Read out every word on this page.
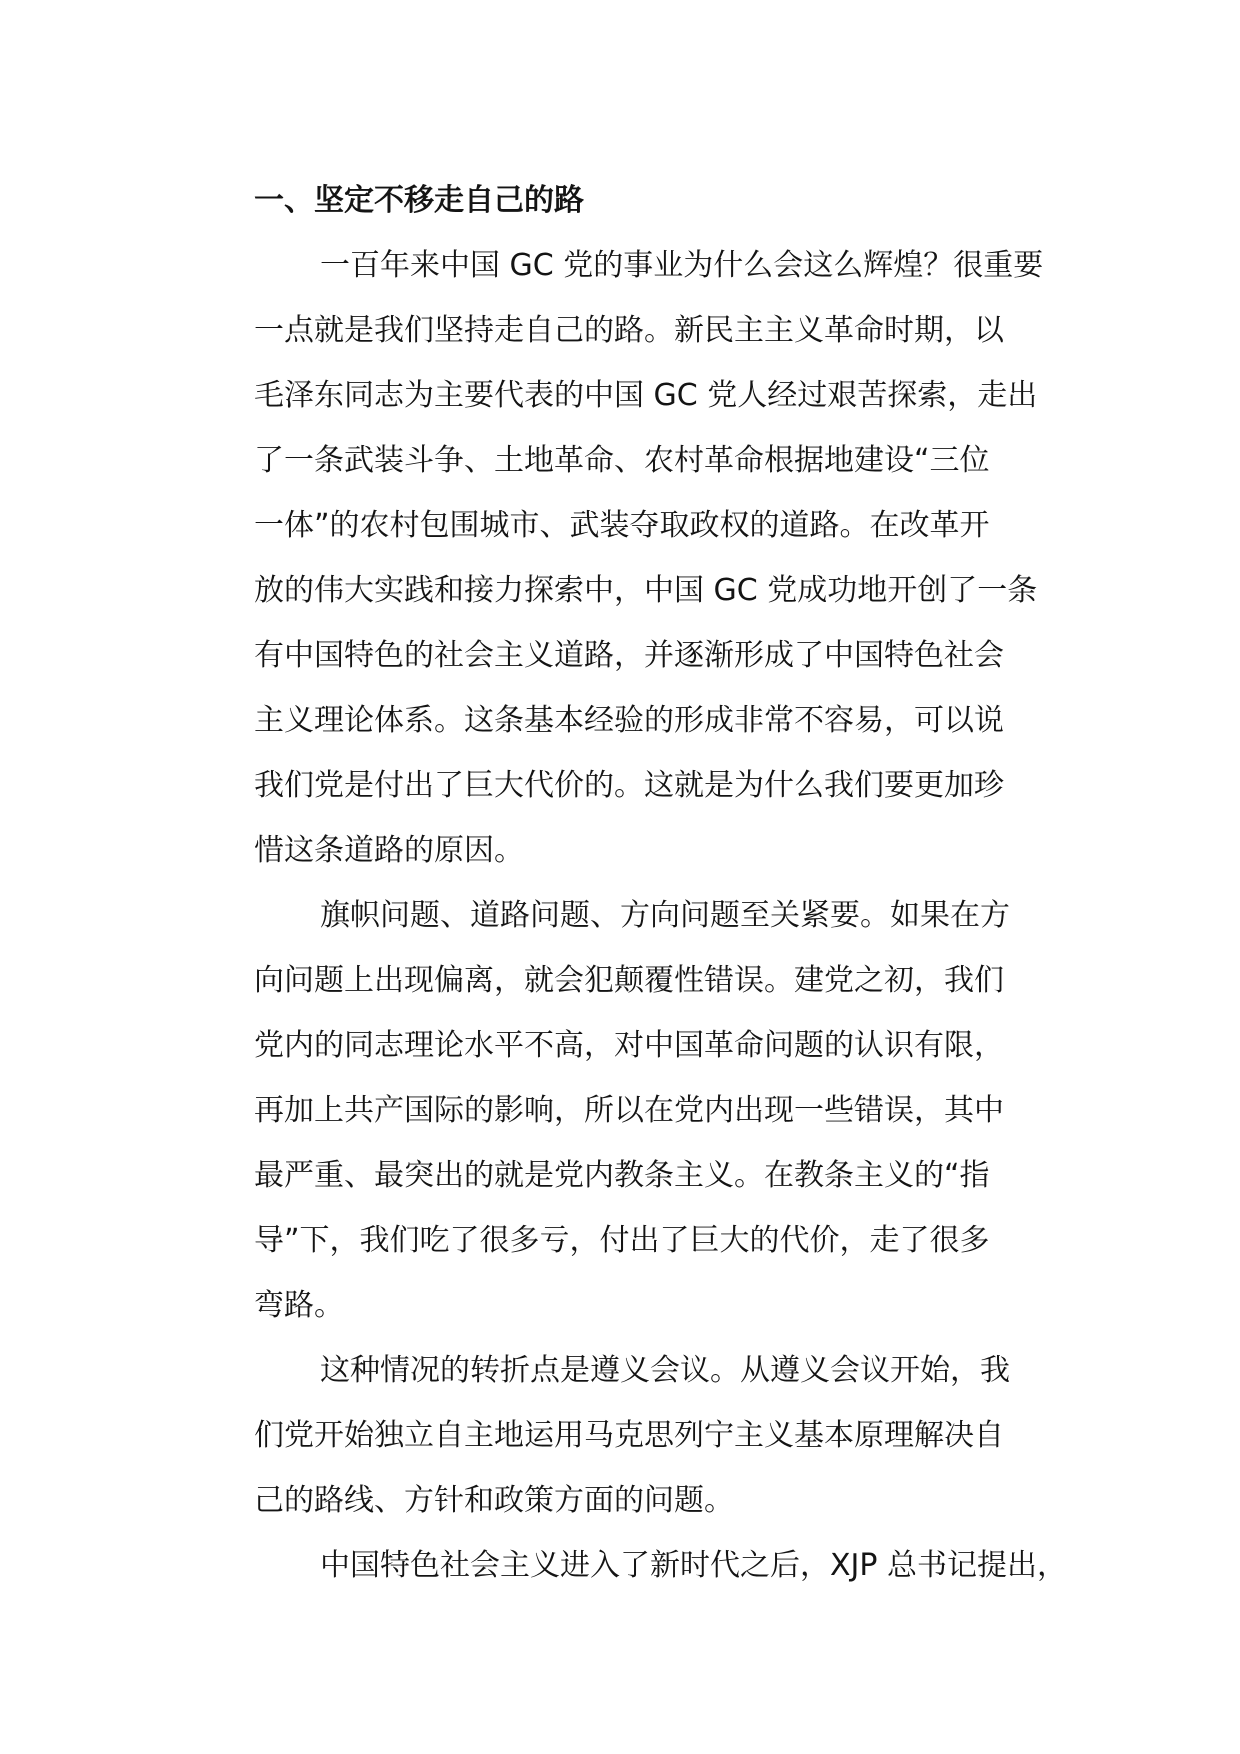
一、坚定不移走自己的路
一百年来中国 GC 党的事业为什么会这么辉煌？很重要
一点就是我们坚持走自己的路。新民主主义革命时期，以
毛泽东同志为主要代表的中国 GC 党人经过艰苦探索，走出
了一条武装斗争、土地革命、农村革命根据地建设“三位
一体”的农村包围城市、武装夺取政权的道路。在改革开
放的伟大实践和接力探索中，中国 GC 党成功地开创了一条
有中国特色的社会主义道路，并逐渐形成了中国特色社会
主义理论体系。这条基本经验的形成非常不容易，可以说
我们党是付出了巨大代价的。这就是为什么我们要更加珍
惜这条道路的原因。
旗帜问题、道路问题、方向问题至关紧要。如果在方
向问题上出现偏离，就会犯颠覆性错误。建党之初，我们
党内的同志理论水平不高，对中国革命问题的认识有限，
再加上共产国际的影响，所以在党内出现一些错误，其中
最严重、最突出的就是党内教条主义。在教条主义的“指
导”下，我们吃了很多亏，付出了巨大的代价，走了很多
弯路。
这种情况的转折点是遵义会议。从遵义会议开始，我
们党开始独立自主地运用马克思列宁主义基本原理解决自
己的路线、方针和政策方面的问题。
中国特色社会主义进入了新时代之后，XJP 总书记提出，
